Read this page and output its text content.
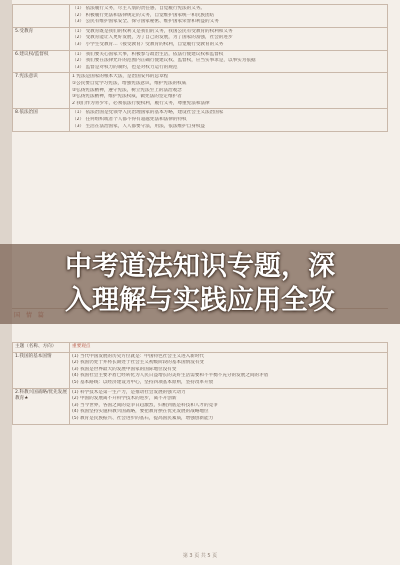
	（1） 依法履行义务，尽主人翁的责任感，自觉履行宪法的义务。
（2） 积极履行宪法和法律规定的义务，自觉维护国家统一和民族团结
（3） 公民有维护国家安全、保守国家秘密、维护国家荣誉和利益的义务

5.受教育	（1） 受教育既是我们的权利又是我们的义务，我国公民有受教育的权利和义务
（2） 受教育能让人更好发展，为了自己的发展，为了国家的富强，社会的进步
（3） 小学生受教育…（接受教育）受教育的权利，自觉履行受教育的义务

6.建议权/监督权	（1） 我们要关心国家大事，积极参与政治生活，依法行使建议权和监督权
（2） 我们要在法律允许的范围内正确行使建议权、监督权，应当实事求是，以事实为依据
（3） 监督是对权力的制约，也是对权力运行的规范

7.宪法意识	1 宪法是国家的根本大法，是治国安邦的总章程
①公民要自觉学习宪法，增强宪法意识，维护宪法的权威
②弘扬宪法精神，遵守宪法，树立宪法至上的法治观念
③弘扬宪法精神，维护宪法权威，做宪法的坚定维护者
2 我们作为青少年，必须依法行使权利，履行义务，尊重宪法和法律

8.依法治国	（1） 依法治国是党领导人民治理国家的基本方略，建设社会主义法治国家
（2） 任何组织或者个人都不得有超越宪法和法律的特权
（3） 生活在法治国家，人人都要守法，用法，依法维护自身权益
主题（名称、方向）	重要观点
1.我国的基本国情	(1) 当代中国发展的历史方位就是：中国特色社会主义进入新时代
(2) 我国仍处于并将长期处于社会主义初级阶段的基本国情没有变
(3) 我国是世界最大的发展中国家的国际地位没有变
(4) 我国社会主要矛盾已经转化为人民日益增长的美好生活需要和不平衡不充分的发展之间的矛盾
(5) 基本路线：以经济建设为中心，坚持四项基本原则，坚持改革开放

2.科教兴国战略/优先发展教育★	(1) 科学技术是第一生产力，是推动社会发展的强大动力
(2) 中国的发展离不开科学技术的进步，离不开创新
(3) 当今世界，各国之间的竞争日趋激烈，归根到底是科技和人才的竞争
(4) 我国坚持实施科教兴国战略，要把教育摆在优先发展的战略地位
(5) 教育是民族振兴、社会进步的基石，提高国民素质，增强创新能力
中考道法知识专题，深
入理解与实践应用全攻
第 3 页 共 5 页
